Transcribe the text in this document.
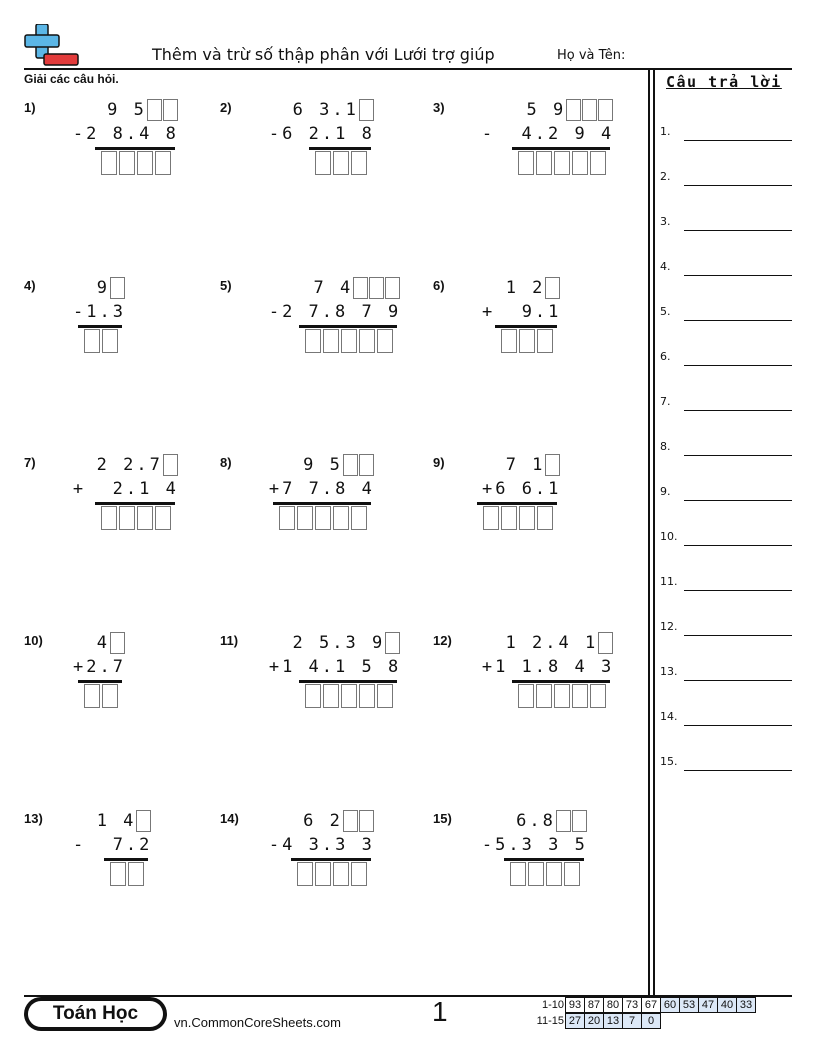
Thêm và trừ số thập phân với Lưới trợ giúp	Họ và Tên:
Giải các câu hỏi.	Câu trả lời
1.
2.
3.
4.
5.
6.
7.
8.
9.
10.
11.
12.
13.
14.
15.
1)	9 5
-2 8.4 8
2)	6 3.1
-6 2.1 8
3)	5 9
-  4.2 9 4
4)	9
-1.3
5)	7 4
-2 7.8 7 9
6)	1 2
+  9.1
7)	2 2.7
+  2.1 4
8)	9 5
+7 7.8 4
9)	7 1
+6 6.1
10)	4
+2.7
11)	2 5.3 9
+1 4.1 5 8
12)	1 2.4 1
+1 1.8 4 3
13)	1 4
-  7.2
14)	6 2
-4 3.3 3
15)	6.8
-5.3 3 5
Toán Học	vn.CommonCoreSheets.com	1	1-10 93 87 80 73 67 60 53 47 40 33
11-15 27 20 13 7	0
